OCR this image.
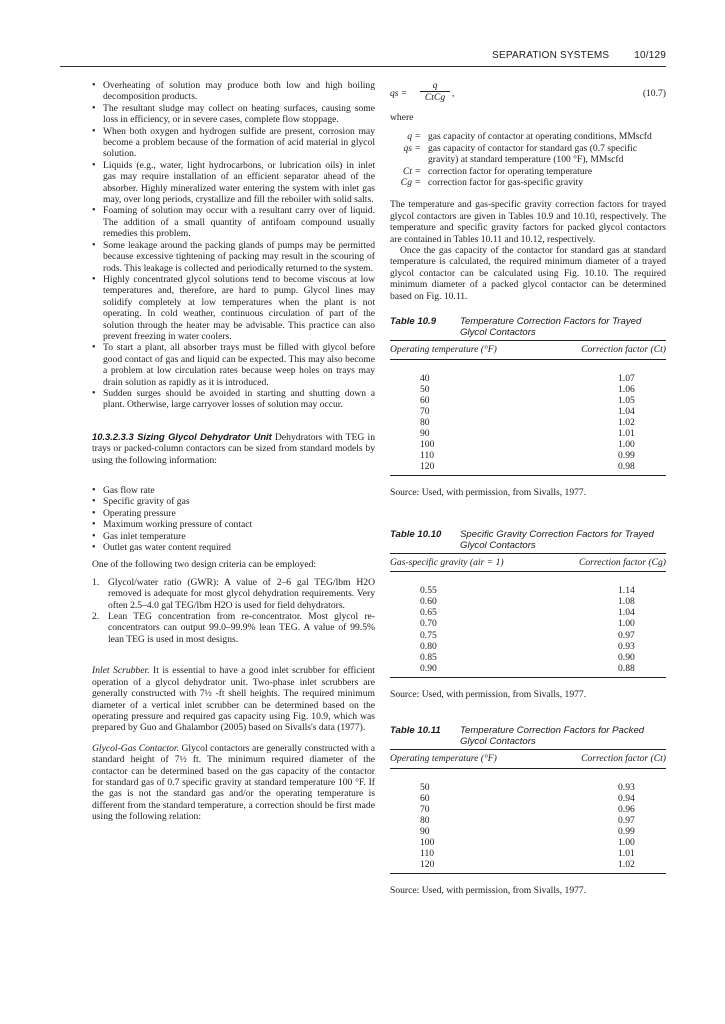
SEPARATION SYSTEMS 10/129
• Overheating of solution may produce both low and high boiling decomposition products.
• The resultant sludge may collect on heating surfaces, causing some loss in efficiency, or in severe cases, complete flow stoppage.
• When both oxygen and hydrogen sulfide are present, corrosion may become a problem because of the formation of acid material in glycol solution.
• Liquids (e.g., water, light hydrocarbons, or lubrication oils) in inlet gas may require installation of an efficient separator ahead of the absorber. Highly mineralized water entering the system with inlet gas may, over long periods, crystallize and fill the reboiler with solid salts.
• Foaming of solution may occur with a resultant carry over of liquid. The addition of a small quantity of antifoam compound usually remedies this problem.
• Some leakage around the packing glands of pumps may be permitted because excessive tightening of packing may result in the scouring of rods. This leakage is collected and periodically returned to the system.
• Highly concentrated glycol solutions tend to become viscous at low temperatures and, therefore, are hard to pump. Glycol lines may solidify completely at low temperatures when the plant is not operating. In cold weather, continuous circulation of part of the solution through the heater may be advisable. This practice can also prevent freezing in water coolers.
• To start a plant, all absorber trays must be filled with glycol before good contact of gas and liquid can be expected. This may also become a problem at low circulation rates because weep holes on trays may drain solution as rapidly as it is introduced.
• Sudden surges should be avoided in starting and shutting down a plant. Otherwise, large carryover losses of solution may occur.

10.3.2.3.3 Sizing Glycol Dehydrator Unit Dehydrators with TEG in trays or packed-column contactors can be sized from standard models by using the following information:

• Gas flow rate
• Specific gravity of gas
• Operating pressure
• Maximum working pressure of contact
• Gas inlet temperature
• Outlet gas water content required

One of the following two design criteria can be employed:

1. Glycol/water ratio (GWR): A value of 2–6 gal TEG/lbm H2O removed is adequate for most glycol dehydration requirements. Very often 2.5–4.0 gal TEG/lbm H2O is used for field dehydrators.
2. Lean TEG concentration from re-concentrator. Most glycol re-concentrators can output 99.0–99.9% lean TEG. A value of 99.5% lean TEG is used in most designs.

Inlet Scrubber. It is essential to have a good inlet scrubber for efficient operation of a glycol dehydrator unit. Two-phase inlet scrubbers are generally constructed with 7½ -ft shell heights. The required minimum diameter of a vertical inlet scrubber can be determined based on the operating pressure and required gas capacity using Fig. 10.9, which was prepared by Guo and Ghalambor (2005) based on Sivalls's data (1977).

Glycol-Gas Contactor. Glycol contactors are generally constructed with a standard height of 7½ ft. The minimum required diameter of the contactor can be determined based on the gas capacity of the contactor for standard gas of 0.7 specific gravity at standard temperature 100 °F. If the gas is not the standard gas and/or the operating temperature is different from the standard temperature, a correction should be first made using the following relation:

qs =
q
CtCg ,	(10.7)

where

q	=	gas capacity of contactor at operating conditions, MMscfd
qs	=	gas capacity of contactor for standard gas (0.7 specific gravity) at standard temperature (100 °F), MMscfd
Ct	=	correction factor for operating temperature
Cg	=	correction factor for gas-specific gravity

The temperature and gas-specific gravity correction factors for trayed glycol contactors are given in Tables 10.9 and 10.10, respectively. The temperature and specific gravity factors for packed glycol contactors are contained in Tables 10.11 and 10.12, respectively.

Once the gas capacity of the contactor for standard gas at standard temperature is calculated, the required minimum diameter of a trayed glycol contactor can be calculated using Fig. 10.10. The required minimum diameter of a packed glycol contactor can be determined based on Fig. 10.11.

Table 10.9	Temperature Correction Factors for Trayed Glycol Contactors
Operating temperature (°F)	Correction factor (Ct)
40	1.07
50	1.06
60	1.05
70	1.04
80	1.02
90	1.01
100	1.00
110	0.99
120	0.98

Source: Used, with permission, from Sivalls, 1977.

Table 10.10	Specific Gravity Correction Factors for Trayed Glycol Contactors
Gas-specific gravity (air = 1)	Correction factor (Cg)
0.55	1.14
0.60	1.08
0.65	1.04
0.70	1.00
0.75	0.97
0.80	0.93
0.85	0.90
0.90	0.88

Source: Used, with permission, from Sivalls, 1977.

Table 10.11	Temperature Correction Factors for Packed Glycol Contactors
Operating temperature (°F)	Correction factor (Ct)
50	0.93
60	0.94
70	0.96
80	0.97
90	0.99
100	1.00
110	1.01
120	1.02

Source: Used, with permission, from Sivalls, 1977.
